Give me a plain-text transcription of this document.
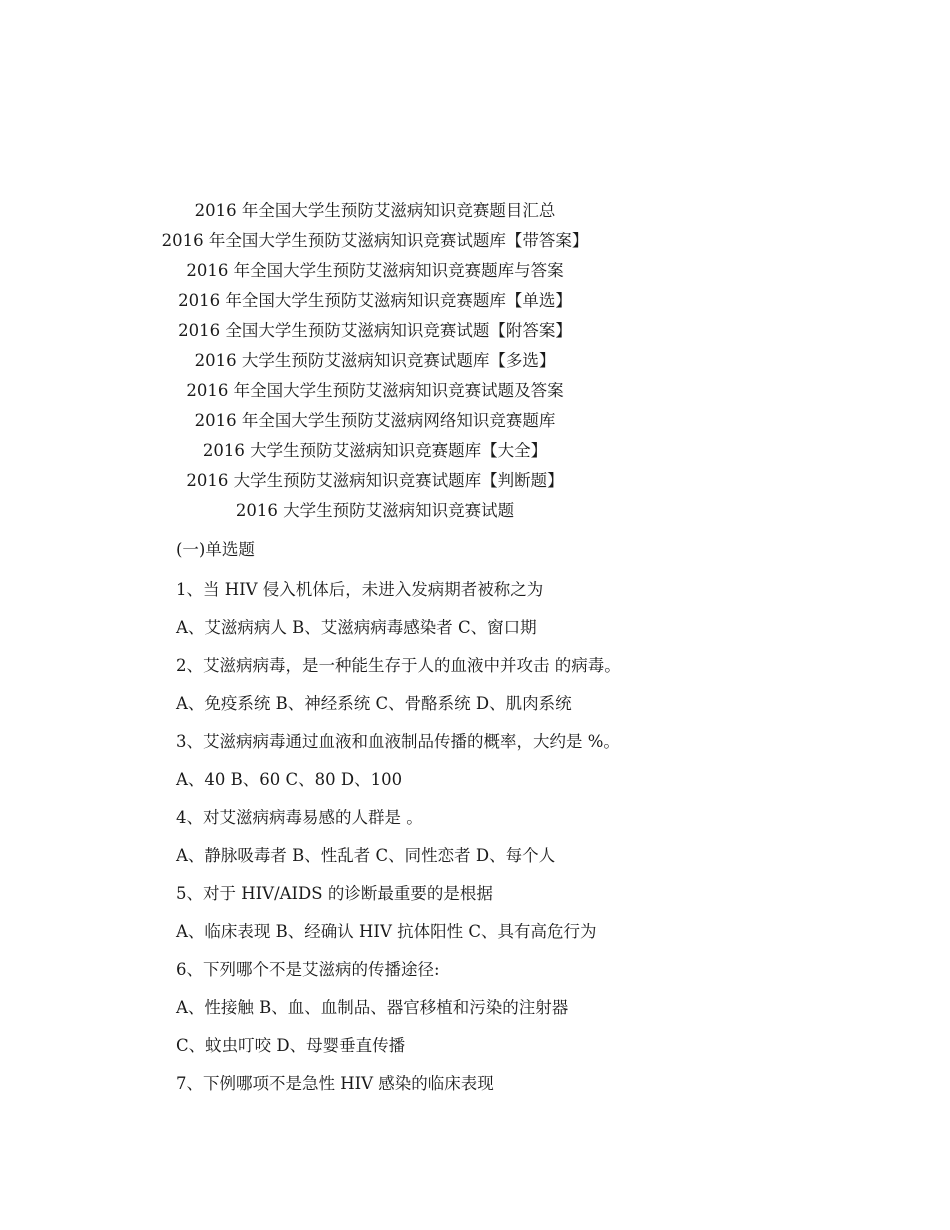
2016 年全国大学生预防艾滋病知识竞赛题目汇总
2016 年全国大学生预防艾滋病知识竞赛试题库【带答案】
2016 年全国大学生预防艾滋病知识竞赛题库与答案
2016 年全国大学生预防艾滋病知识竞赛题库【单选】
2016 全国大学生预防艾滋病知识竞赛试题【附答案】
2016 大学生预防艾滋病知识竞赛试题库【多选】
2016 年全国大学生预防艾滋病知识竞赛试题及答案
2016 年全国大学生预防艾滋病网络知识竞赛题库
2016 大学生预防艾滋病知识竞赛题库【大全】
2016 大学生预防艾滋病知识竞赛试题库【判断题】
2016 大学生预防艾滋病知识竞赛试题
(一)单选题
1、当 HIV 侵入机体后，未进入发病期者被称之为
A、艾滋病病人 B、艾滋病病毒感染者 C、窗口期
2、艾滋病病毒，是一种能生存于人的血液中并攻击 的病毒。
A、免疫系统 B、神经系统 C、骨酪系统 D、肌肉系统
3、艾滋病病毒通过血液和血液制品传播的概率，大约是 %。
A、40 B、60 C、80 D、100
4、对艾滋病病毒易感的人群是 。
A、静脉吸毒者 B、性乱者 C、同性恋者 D、每个人
5、对于 HIV/AIDS 的诊断最重要的是根据
A、临床表现 B、经确认 HIV 抗体阳性 C、具有高危行为
6、下列哪个不是艾滋病的传播途径:
A、性接触 B、血、血制品、器官移植和污染的注射器
C、蚊虫叮咬 D、母婴垂直传播
7、下例哪项不是急性 HIV 感染的临床表现
